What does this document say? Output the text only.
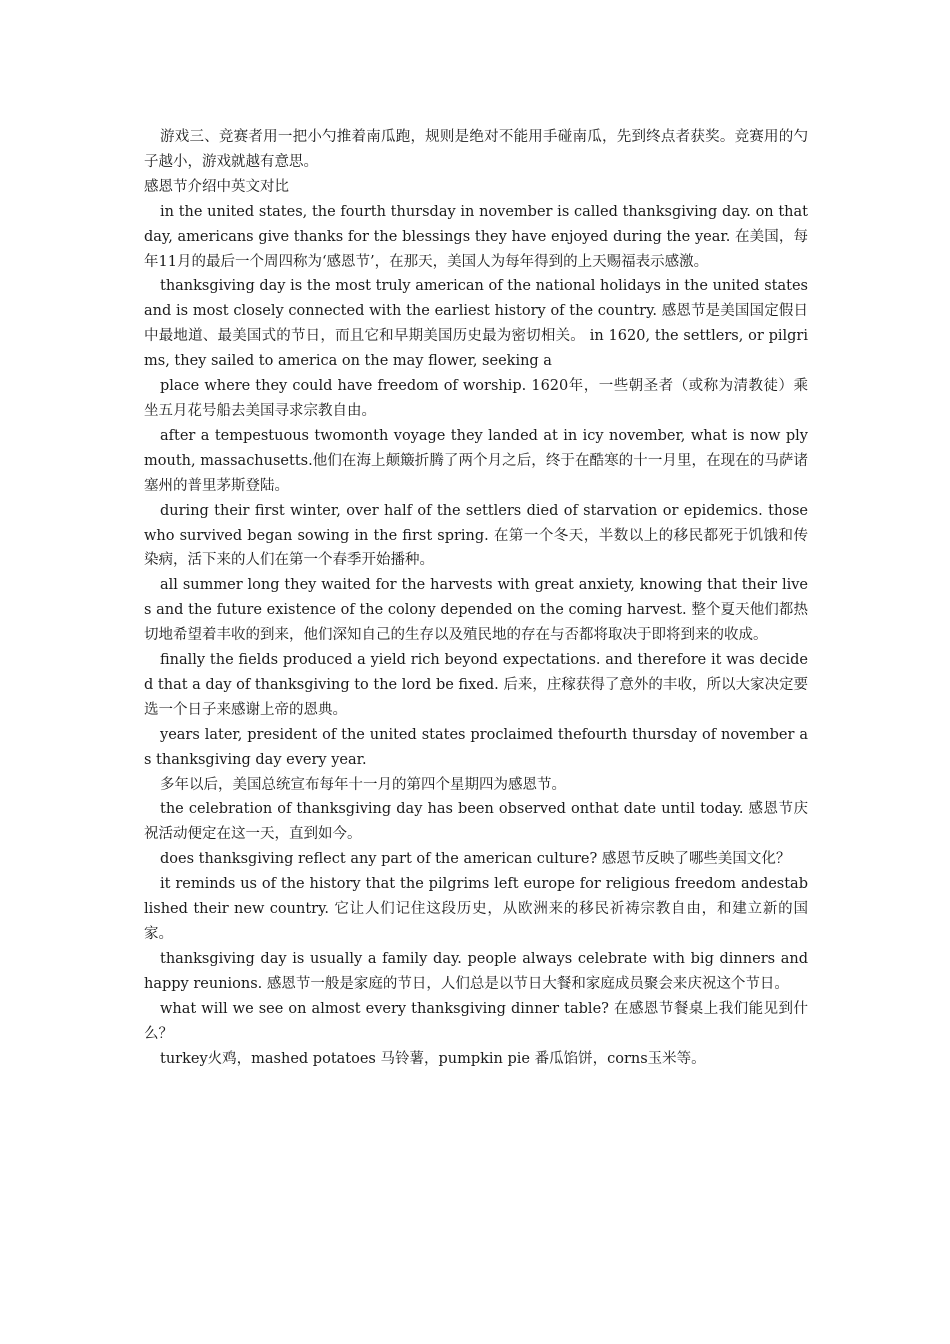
游戏三、竞赛者用一把小勺推着南瓜跑，规则是绝对不能用手碰南瓜，先到终点者获奖。竞赛用的勺子越小，游戏就越有意思。

感恩节介绍中英文对比

in the united states, the fourth thursday in november is called thanksgiving day. on that day, americans give thanks for the blessings they have enjoyed during the year. 在美国，每年11月的最后一个周四称为‘感恩节’，在那天，美国人为每年得到的上天赐福表示感激。

thanksgiving day is the most truly american of the national holidays in the united states and is most closely connected with the earliest history of the country. 感恩节是美国国定假日中最地道、最美国式的节日，而且它和早期美国历史最为密切相关。 in 1620, the settlers, or pilgrims, they sailed to america on the may flower, seeking a

place where they could have freedom of worship. 1620年，一些朝圣者（或称为清教徒）乘坐五月花号船去美国寻求宗教自由。

after a tempestuous twomonth voyage they landed at in icy november, what is now plymouth, massachusetts.他们在海上颠簸折腾了两个月之后，终于在酷寒的十一月里，在现在的马萨诸塞州的普里茅斯登陆。

during their first winter, over half of the settlers died of starvation or epidemics. those who survived began sowing in the first spring. 在第一个冬天，半数以上的移民都死于饥饿和传染病，活下来的人们在第一个春季开始播种。

all summer long they waited for the harvests with great anxiety, knowing that their lives and the future existence of the colony depended on the coming harvest. 整个夏天他们都热切地希望着丰收的到来，他们深知自己的生存以及殖民地的存在与否都将取决于即将到来的收成。

finally the fields produced a yield rich beyond expectations. and therefore it was decided that a day of thanksgiving to the lord be fixed. 后来，庄稼获得了意外的丰收，所以大家决定要选一个日子来感谢上帝的恩典。

years later, president of the united states proclaimed thefourth thursday of november as thanksgiving day every year.

多年以后，美国总统宣布每年十一月的第四个星期四为感恩节。

the celebration of thanksgiving day has been observed onthat date until today. 感恩节庆祝活动便定在这一天，直到如今。

does thanksgiving reflect any part of the american culture? 感恩节反映了哪些美国文化？

it reminds us of the history that the pilgrims left europe for religious freedom andestablished their new country. 它让人们记住这段历史，从欧洲来的移民祈祷宗教自由，和建立新的国家。

thanksgiving day is usually a family day. people always celebrate with big dinners and happy reunions. 感恩节一般是家庭的节日，人们总是以节日大餐和家庭成员聚会来庆祝这个节日。

what will we see on almost every thanksgiving dinner table? 在感恩节餐桌上我们能见到什么？

turkey火鸡，mashed potatoes 马铃薯，pumpkin pie 番瓜馅饼，corns玉米等。
